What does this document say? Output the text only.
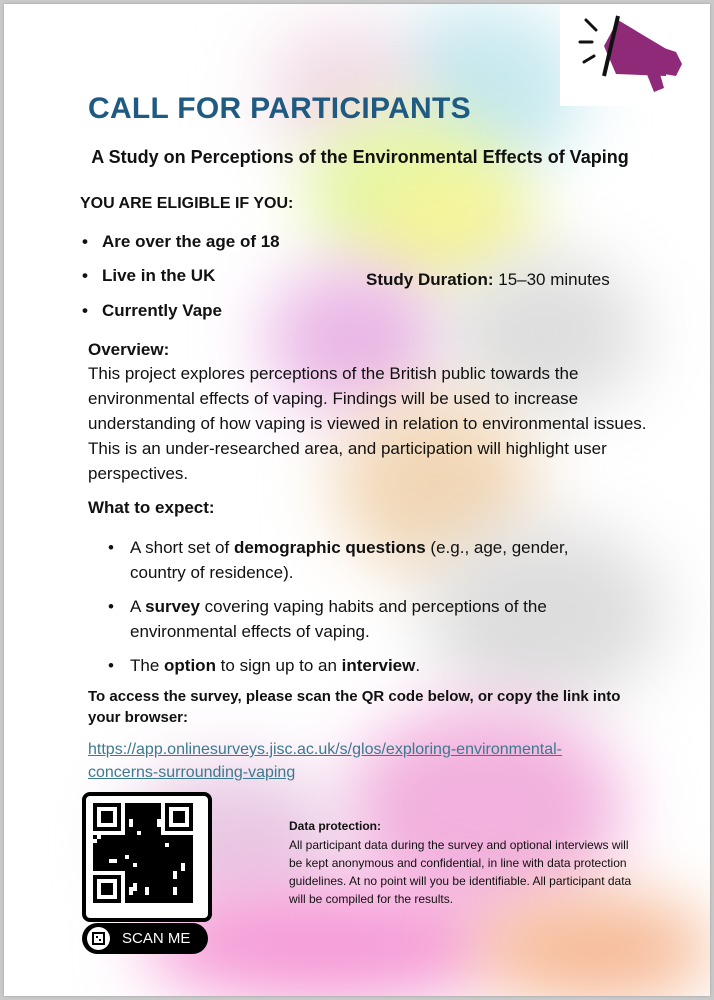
CALL FOR PARTICIPANTS
A Study on Perceptions of the Environmental Effects of Vaping
YOU ARE ELIGIBLE IF YOU:
• Are over the age of 18
• Live in the UK
• Currently Vape
Study Duration: 15–30 minutes
Overview:
This project explores perceptions of the British public towards the environmental effects of vaping. Findings will be used to increase understanding of how vaping is viewed in relation to environmental issues. This is an under-researched area, and participation will highlight user perspectives.
What to expect:
• A short set of demographic questions (e.g., age, gender, country of residence).
• A survey covering vaping habits and perceptions of the environmental effects of vaping.
• The option to sign up to an interview.
To access the survey, please scan the QR code below, or copy the link into your browser:
https://app.onlinesurveys.jisc.ac.uk/s/glos/exploring-environmental-
concerns-surrounding-vaping
SCAN ME
Data protection:
All participant data during the survey and optional interviews will be kept anonymous and confidential, in line with data protection guidelines. At no point will you be identifiable. All participant data will be compiled for the results.
